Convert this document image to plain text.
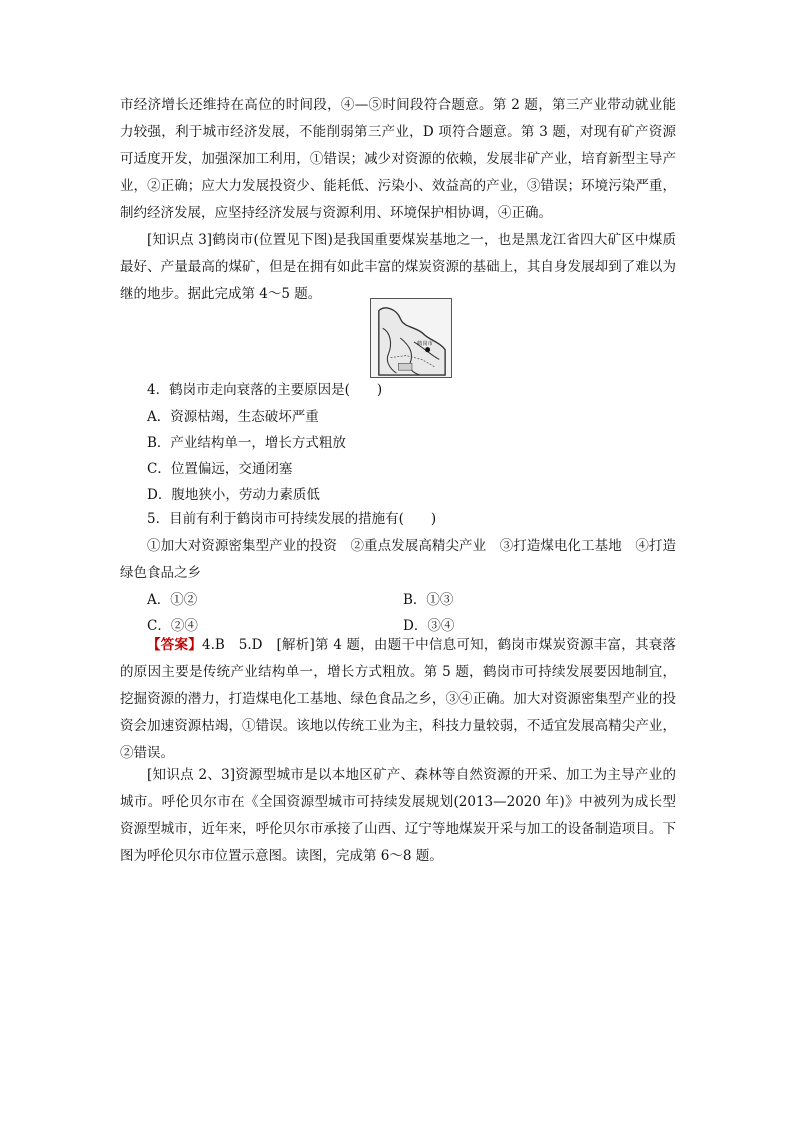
市经济增长还维持在高位的时间段，④—⑤时间段符合题意。第 2 题，第三产业带动就业能力较强，利于城市经济发展，不能削弱第三产业，D 项符合题意。第 3 题，对现有矿产资源可适度开发，加强深加工利用，①错误；减少对资源的依赖，发展非矿产业，培育新型主导产业，②正确；应大力发展投资少、能耗低、污染小、效益高的产业，③错误；环境污染严重，制约经济发展，应坚持经济发展与资源利用、环境保护相协调，④正确。

[知识点 3]鹤岗市(位置见下图)是我国重要煤炭基地之一，也是黑龙江省四大矿区中煤质最好、产量最高的煤矿，但是在拥有如此丰富的煤炭资源的基础上，其自身发展却到了难以为继的地步。据此完成第 4～5 题。

鹤岗市

4．鹤岗市走向衰落的主要原因是(　　)

A．资源枯竭，生态破坏严重

B．产业结构单一，增长方式粗放

C．位置偏远，交通闭塞

D．腹地狭小，劳动力素质低

5．目前有利于鹤岗市可持续发展的措施有(　　)

①加大对资源密集型产业的投资　②重点发展高精尖产业　③打造煤电化工基地　④打造绿色食品之乡

A．①②	B．①③
C．②④	D．③④

【答案】4.B　5.D　[解析]第 4 题，由题干中信息可知，鹤岗市煤炭资源丰富，其衰落的原因主要是传统产业结构单一，增长方式粗放。第 5 题，鹤岗市可持续发展要因地制宜，挖掘资源的潜力，打造煤电化工基地、绿色食品之乡，③④正确。加大对资源密集型产业的投资会加速资源枯竭，①错误。该地以传统工业为主，科技力量较弱，不适宜发展高精尖产业，②错误。

[知识点 2、3]资源型城市是以本地区矿产、森林等自然资源的开采、加工为主导产业的城市。呼伦贝尔市在《全国资源型城市可持续发展规划(2013—2020 年)》中被列为成长型资源型城市，近年来，呼伦贝尔市承接了山西、辽宁等地煤炭开采与加工的设备制造项目。下图为呼伦贝尔市位置示意图。读图，完成第 6～8 题。
